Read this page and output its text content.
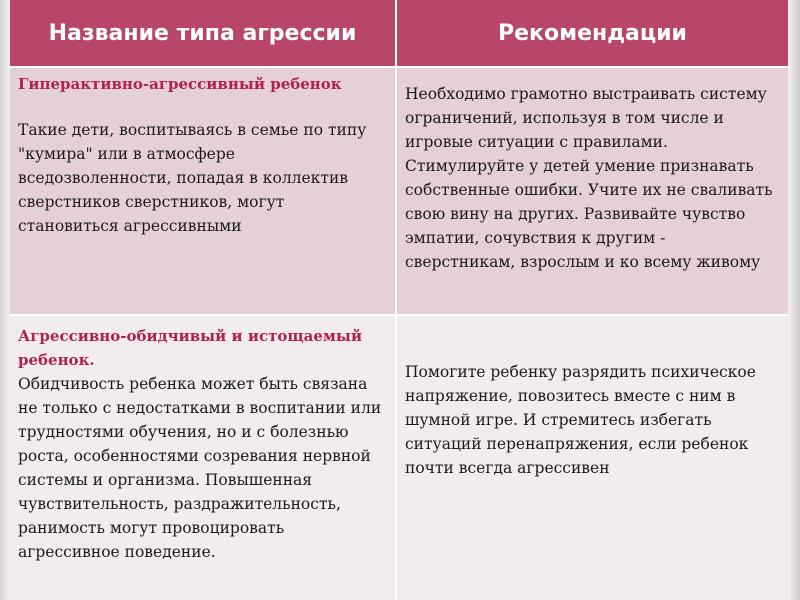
Название типа агрессии	Рекомендации

Гиперактивно-агрессивный ребенок

Такие дети, воспитываясь в семье по типу "кумира" или в атмосфере вседозволенности, попадая в коллектив сверстников сверстников, могут становиться агрессивными	Необходимо грамотно выстраивать систему ограничений, используя в том числе и игровые ситуации с правилами. Стимулируйте у детей умение признавать собственные ошибки. Учите их не сваливать свою вину на других. Развивайте чувство эмпатии, сочувствия к другим - сверстникам, взрослым и ко всему живому

Агрессивно-обидчивый и истощаемый ребенок.

Обидчивость ребенка может быть связана не только с недостатками в воспитании или трудностями обучения, но и с болезнью роста, особенностями созревания нервной системы и организма. Повышенная чувствительность, раздражительность, ранимость могут провоцировать агрессивное поведение.	Помогите ребенку разрядить психическое напряжение, повозитесь вместе с ним в шумной игре. И стремитесь избегать ситуаций перенапряжения, если ребенок почти всегда агрессивен
